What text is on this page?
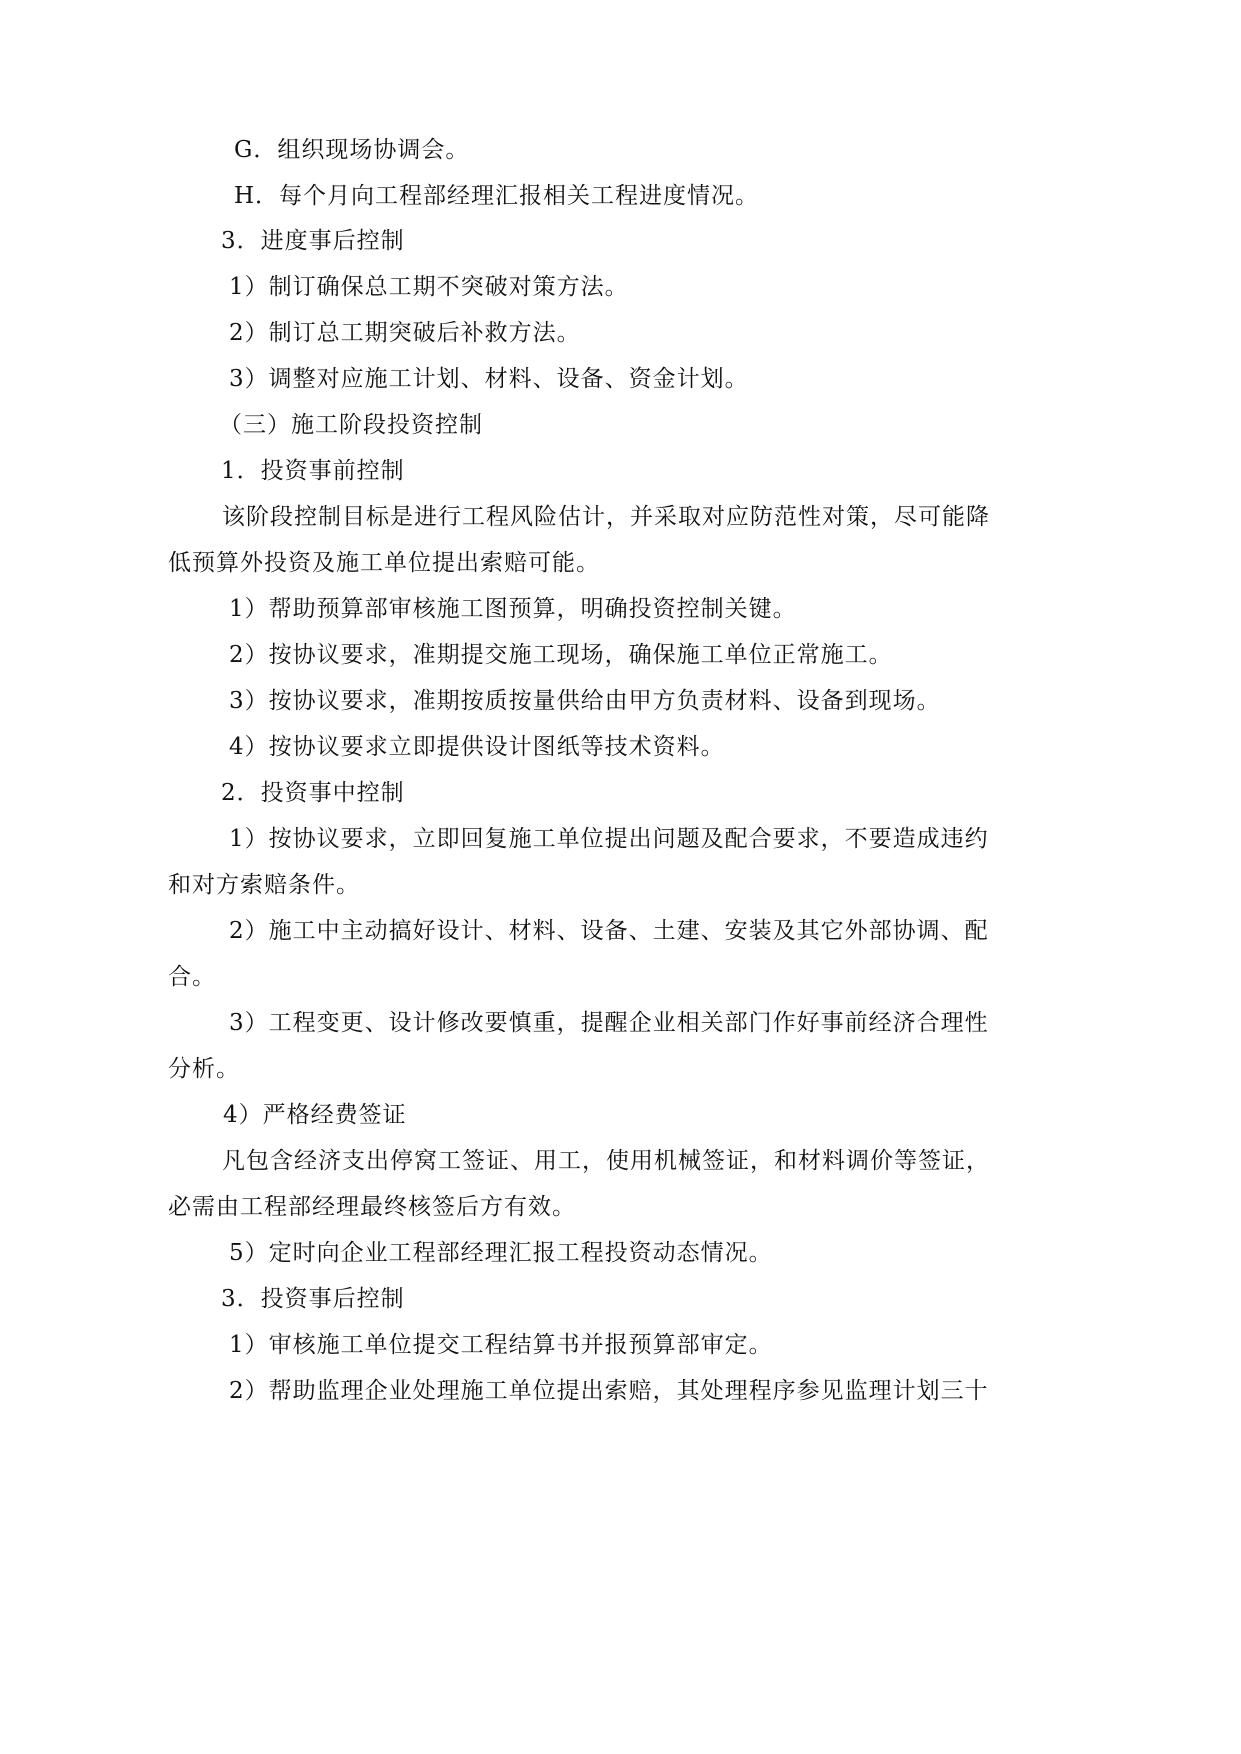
G．组织现场协调会。
H．每个月向工程部经理汇报相关工程进度情况。
3．进度事后控制
1）制订确保总工期不突破对策方法。
2）制订总工期突破后补救方法。
3）调整对应施工计划、材料、设备、资金计划。
（三）施工阶段投资控制
1．投资事前控制
该阶段控制目标是进行工程风险估计，并采取对应防范性对策，尽可能降
低预算外投资及施工单位提出索赔可能。
1）帮助预算部审核施工图预算，明确投资控制关键。
2）按协议要求，准期提交施工现场，确保施工单位正常施工。
3）按协议要求，准期按质按量供给由甲方负责材料、设备到现场。
4）按协议要求立即提供设计图纸等技术资料。
2．投资事中控制
1）按协议要求，立即回复施工单位提出问题及配合要求，不要造成违约
和对方索赔条件。
2）施工中主动搞好设计、材料、设备、土建、安装及其它外部协调、配
合。
3）工程变更、设计修改要慎重，提醒企业相关部门作好事前经济合理性
分析。
4）严格经费签证
凡包含经济支出停窝工签证、用工，使用机械签证，和材料调价等签证，
必需由工程部经理最终核签后方有效。
5）定时向企业工程部经理汇报工程投资动态情况。
3．投资事后控制
1）审核施工单位提交工程结算书并报预算部审定。
2）帮助监理企业处理施工单位提出索赔，其处理程序参见监理计划三十
